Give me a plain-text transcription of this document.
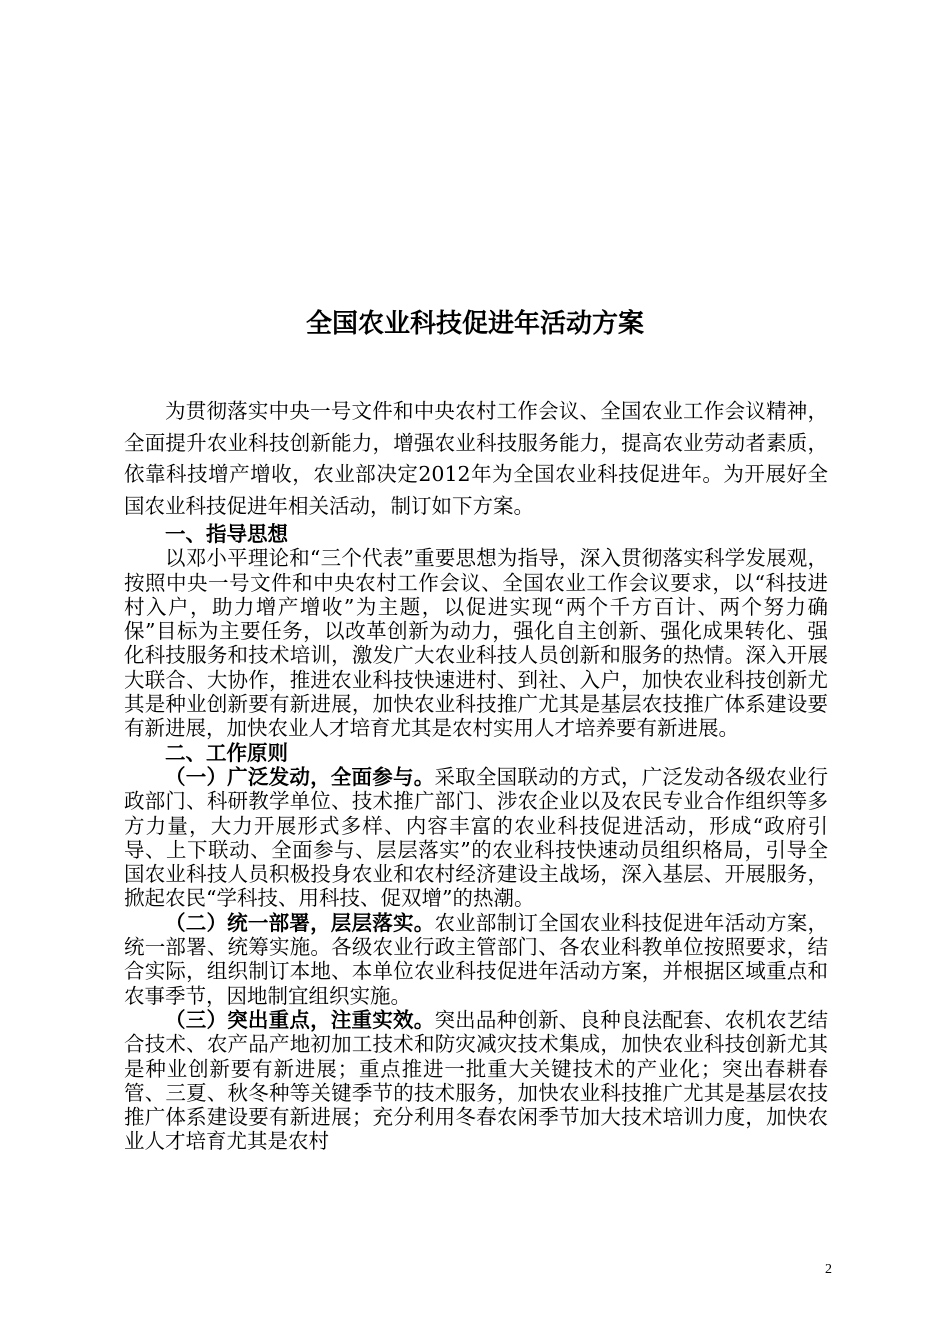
全国农业科技促进年活动方案

为贯彻落实中央一号文件和中央农村工作会议、全国农业工作会议精神，全面提升农业科技创新能力，增强农业科技服务能力，提高农业劳动者素质，依靠科技增产增收，农业部决定2012年为全国农业科技促进年。为开展好全国农业科技促进年相关活动，制订如下方案。

一、指导思想

以邓小平理论和“三个代表”重要思想为指导，深入贯彻落实科学发展观，按照中央一号文件和中央农村工作会议、全国农业工作会议要求，以“科技进村入户，助力增产增收”为主题，以促进实现“两个千方百计、两个努力确保”目标为主要任务，以改革创新为动力，强化自主创新、强化成果转化、强化科技服务和技术培训，激发广大农业科技人员创新和服务的热情。深入开展大联合、大协作，推进农业科技快速进村、到社、入户，加快农业科技创新尤其是种业创新要有新进展，加快农业科技推广尤其是基层农技推广体系建设要有新进展，加快农业人才培育尤其是农村实用人才培养要有新进展。

二、工作原则

（一）广泛发动，全面参与。采取全国联动的方式，广泛发动各级农业行政部门、科研教学单位、技术推广部门、涉农企业以及农民专业合作组织等多方力量，大力开展形式多样、内容丰富的农业科技促进活动，形成“政府引导、上下联动、全面参与、层层落实”的农业科技快速动员组织格局，引导全国农业科技人员积极投身农业和农村经济建设主战场，深入基层、开展服务，掀起农民“学科技、用科技、促双增”的热潮。

（二）统一部署，层层落实。农业部制订全国农业科技促进年活动方案，统一部署、统筹实施。各级农业行政主管部门、各农业科教单位按照要求，结合实际，组织制订本地、本单位农业科技促进年活动方案，并根据区域重点和农事季节，因地制宜组织实施。

（三）突出重点，注重实效。突出品种创新、良种良法配套、农机农艺结合技术、农产品产地初加工技术和防灾减灾技术集成，加快农业科技创新尤其是种业创新要有新进展；重点推进一批重大关键技术的产业化；突出春耕春管、三夏、秋冬种等关键季节的技术服务，加快农业科技推广尤其是基层农技推广体系建设要有新进展；充分利用冬春农闲季节加大技术培训力度，加快农业人才培育尤其是农村

2
